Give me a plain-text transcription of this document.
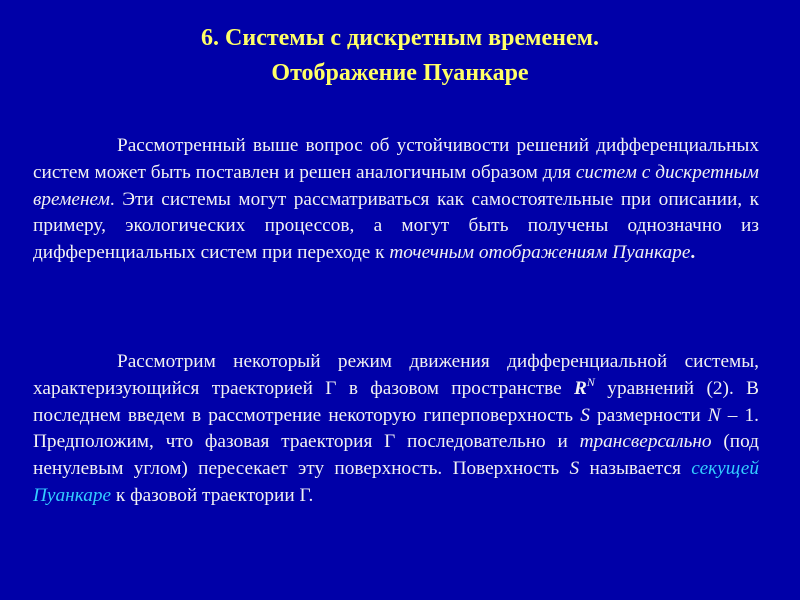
6. Системы с дискретным временем.
Отображение Пуанкаре

Рассмотренный выше вопрос об устойчивости решений дифференциальных систем может быть поставлен и решен аналогичным образом для систем с дискретным временем. Эти системы могут рассматриваться как самостоятельные при описании, к примеру, экологических процессов, а могут быть получены однозначно из дифференциальных систем при переходе к точечным отображениям Пуанкаре.

Рассмотрим некоторый режим движения дифференциальной системы, характеризующийся траекторией Г в фазовом пространстве $R^N$ уравнений (2). В последнем введем в рассмотрение некоторую гиперповерхность S размерности N – 1. Предположим, что фазовая траектория Г последовательно и трансверсально (под ненулевым углом) пересекает эту поверхность. Поверхность S называется секущей Пуанкаре к фазовой траектории Г.
